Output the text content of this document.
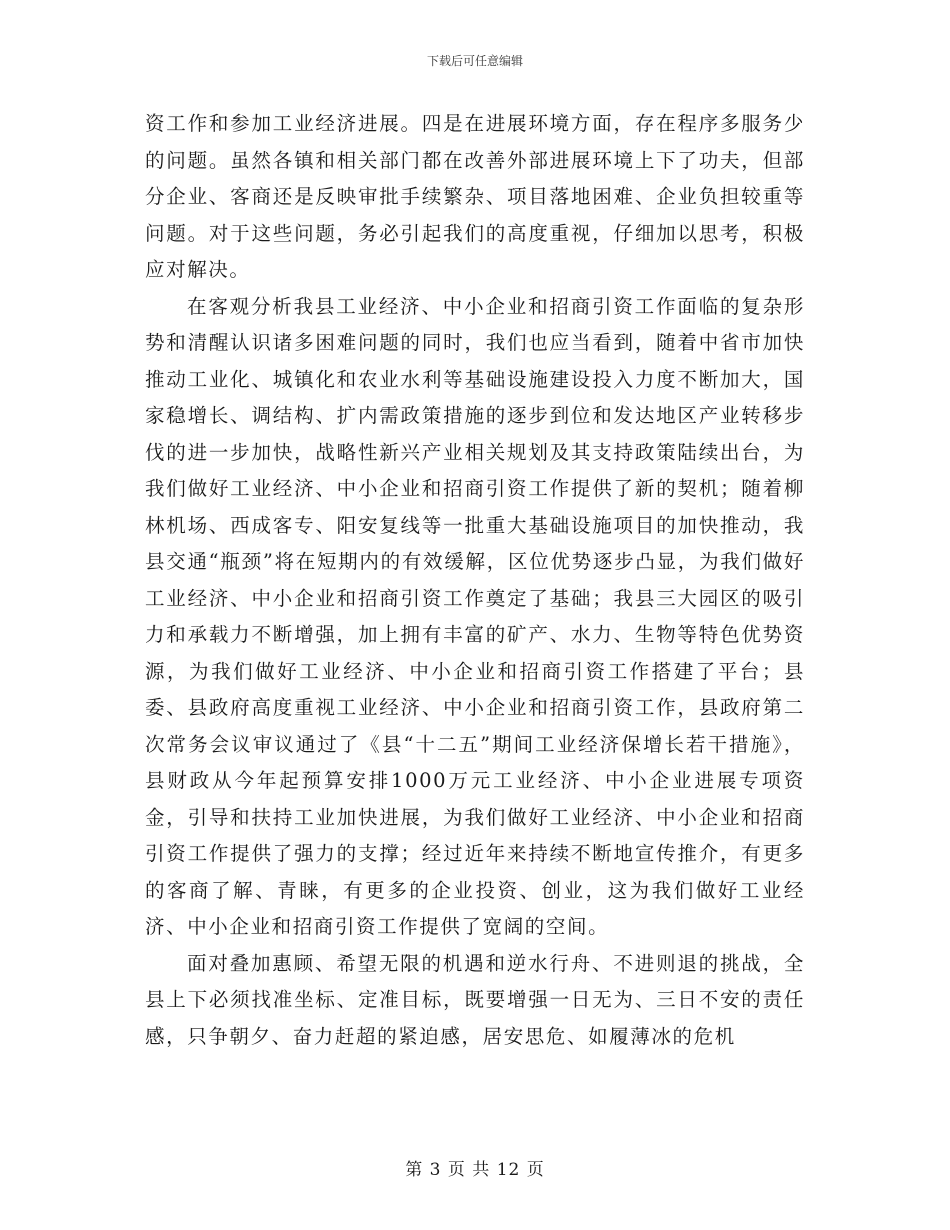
下载后可任意编辑

资工作和参加工业经济进展。四是在进展环境方面，存在程序多服务少的问题。虽然各镇和相关部门都在改善外部进展环境上下了功夫，但部分企业、客商还是反映审批手续繁杂、项目落地困难、企业负担较重等问题。对于这些问题，务必引起我们的高度重视，仔细加以思考，积极应对解决。

在客观分析我县工业经济、中小企业和招商引资工作面临的复杂形势和清醒认识诸多困难问题的同时，我们也应当看到，随着中省市加快推动工业化、城镇化和农业水利等基础设施建设投入力度不断加大，国家稳增长、调结构、扩内需政策措施的逐步到位和发达地区产业转移步伐的进一步加快，战略性新兴产业相关规划及其支持政策陆续出台，为我们做好工业经济、中小企业和招商引资工作提供了新的契机；随着柳林机场、西成客专、阳安复线等一批重大基础设施项目的加快推动，我县交通“瓶颈”将在短期内的有效缓解，区位优势逐步凸显，为我们做好工业经济、中小企业和招商引资工作奠定了基础；我县三大园区的吸引力和承载力不断增强，加上拥有丰富的矿产、水力、生物等特色优势资源，为我们做好工业经济、中小企业和招商引资工作搭建了平台；县委、县政府高度重视工业经济、中小企业和招商引资工作，县政府第二次常务会议审议通过了《县“十二五”期间工业经济保增长若干措施》，县财政从今年起预算安排1000万元工业经济、中小企业进展专项资金，引导和扶持工业加快进展，为我们做好工业经济、中小企业和招商引资工作提供了强力的支撑；经过近年来持续不断地宣传推介，有更多的客商了解、青睐，有更多的企业投资、创业，这为我们做好工业经济、中小企业和招商引资工作提供了宽阔的空间。

面对叠加惠顾、希望无限的机遇和逆水行舟、不进则退的挑战，全县上下必须找准坐标、定准目标，既要增强一日无为、三日不安的责任感，只争朝夕、奋力赶超的紧迫感，居安思危、如履薄冰的危机

第 3 页 共 12 页
